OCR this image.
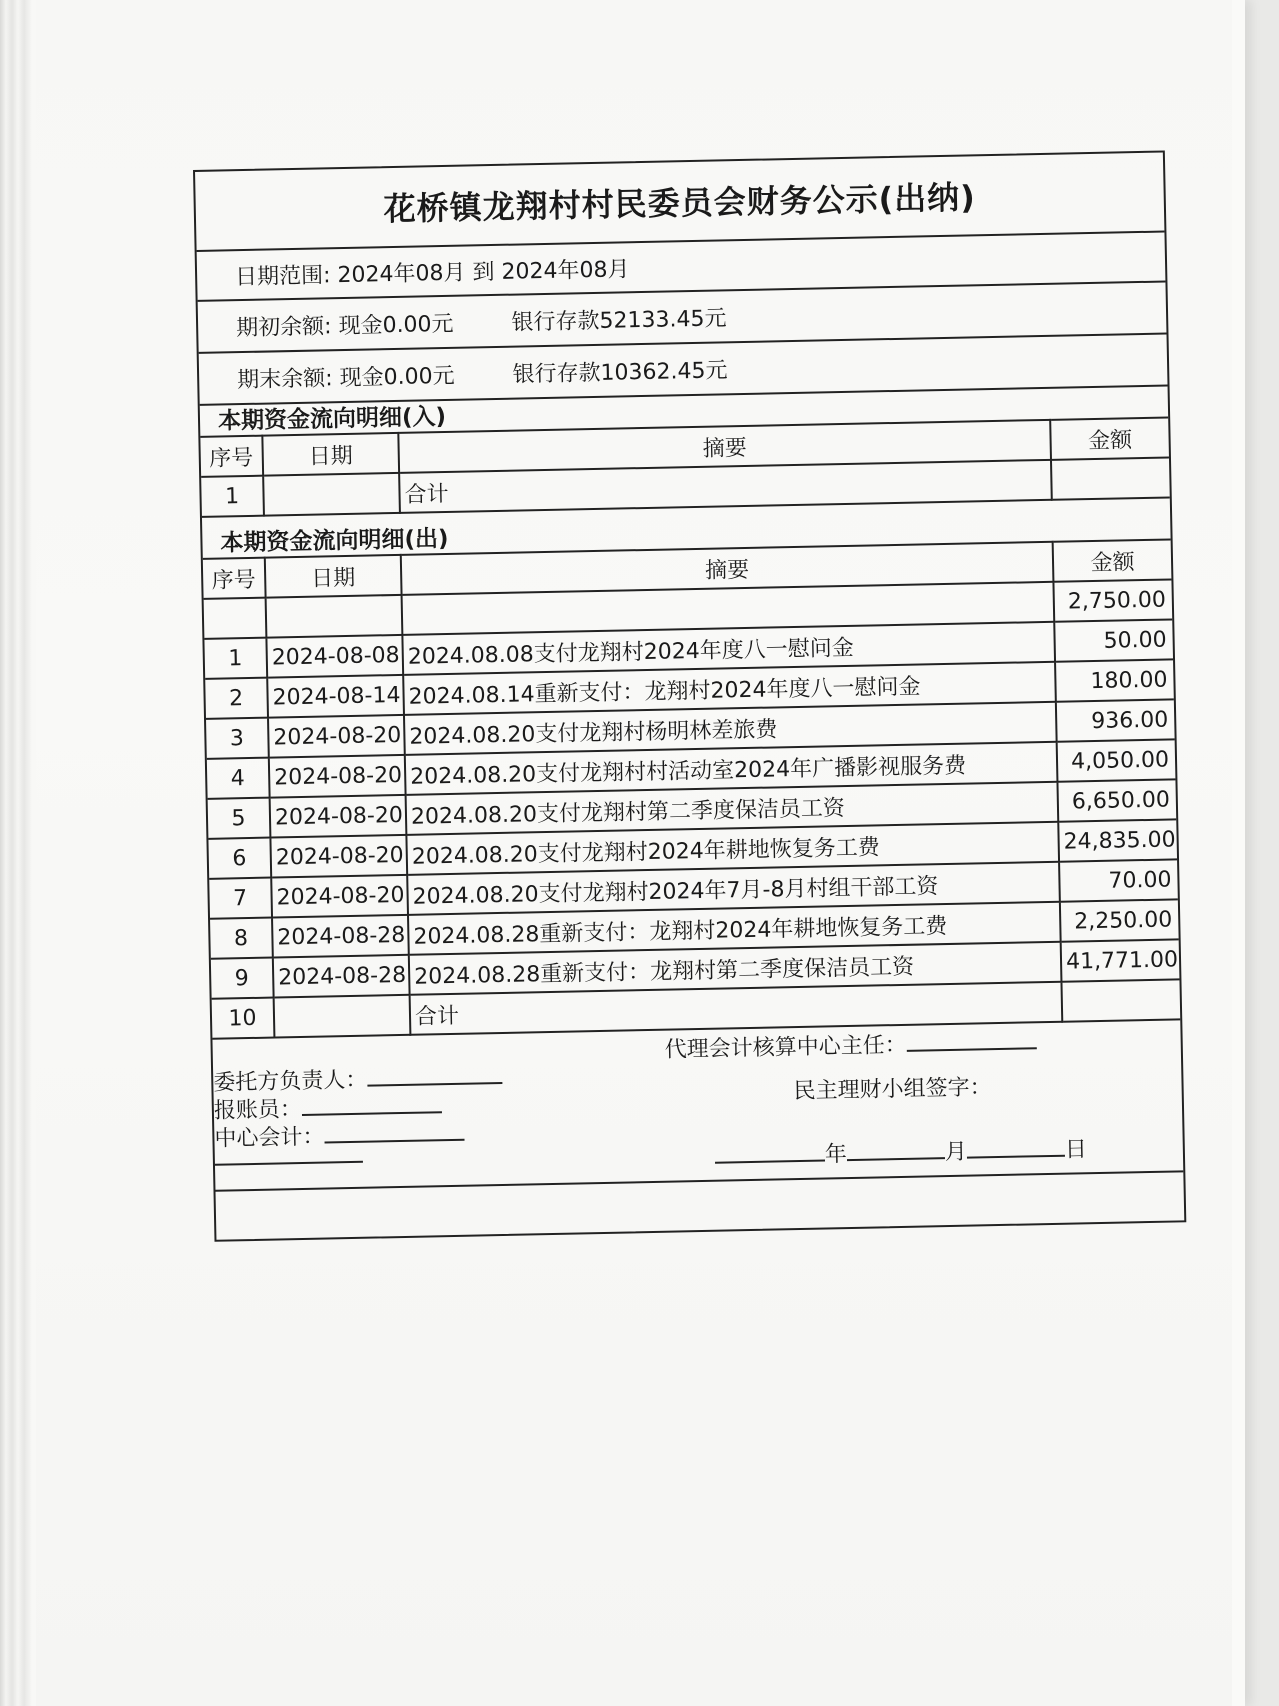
花桥镇龙翔村村民委员会财务公示(出纳)
日期范围: 2024年08月 到 2024年08月
期初余额: 现金0.00元	银行存款52133.45元
期末余额: 现金0.00元	银行存款10362.45元
本期资金流向明细(入)
序号	日期	摘要	金额
1		合计	
本期资金流向明细(出)
序号	日期	摘要	金额
			2,750.00
1	2024-08-08	2024.08.08支付龙翔村2024年度八一慰问金	50.00
2	2024-08-14	2024.08.14重新支付：龙翔村2024年度八一慰问金	180.00
3	2024-08-20	2024.08.20支付龙翔村杨明林差旅费	936.00
4	2024-08-20	2024.08.20支付龙翔村村活动室2024年广播影视服务费	4,050.00
5	2024-08-20	2024.08.20支付龙翔村第二季度保洁员工资	6,650.00
6	2024-08-20	2024.08.20支付龙翔村2024年耕地恢复务工费	24,835.00
7	2024-08-20	2024.08.20支付龙翔村2024年7月-8月村组干部工资	70.00
8	2024-08-28	2024.08.28重新支付：龙翔村2024年耕地恢复务工费	2,250.00
9	2024-08-28	2024.08.28重新支付：龙翔村第二季度保洁员工资	41,771.00
10		合计	
代理会计核算中心主任：
委托方负责人：
报账员：
民主理财小组签字：
中心会计：
年	月	日
